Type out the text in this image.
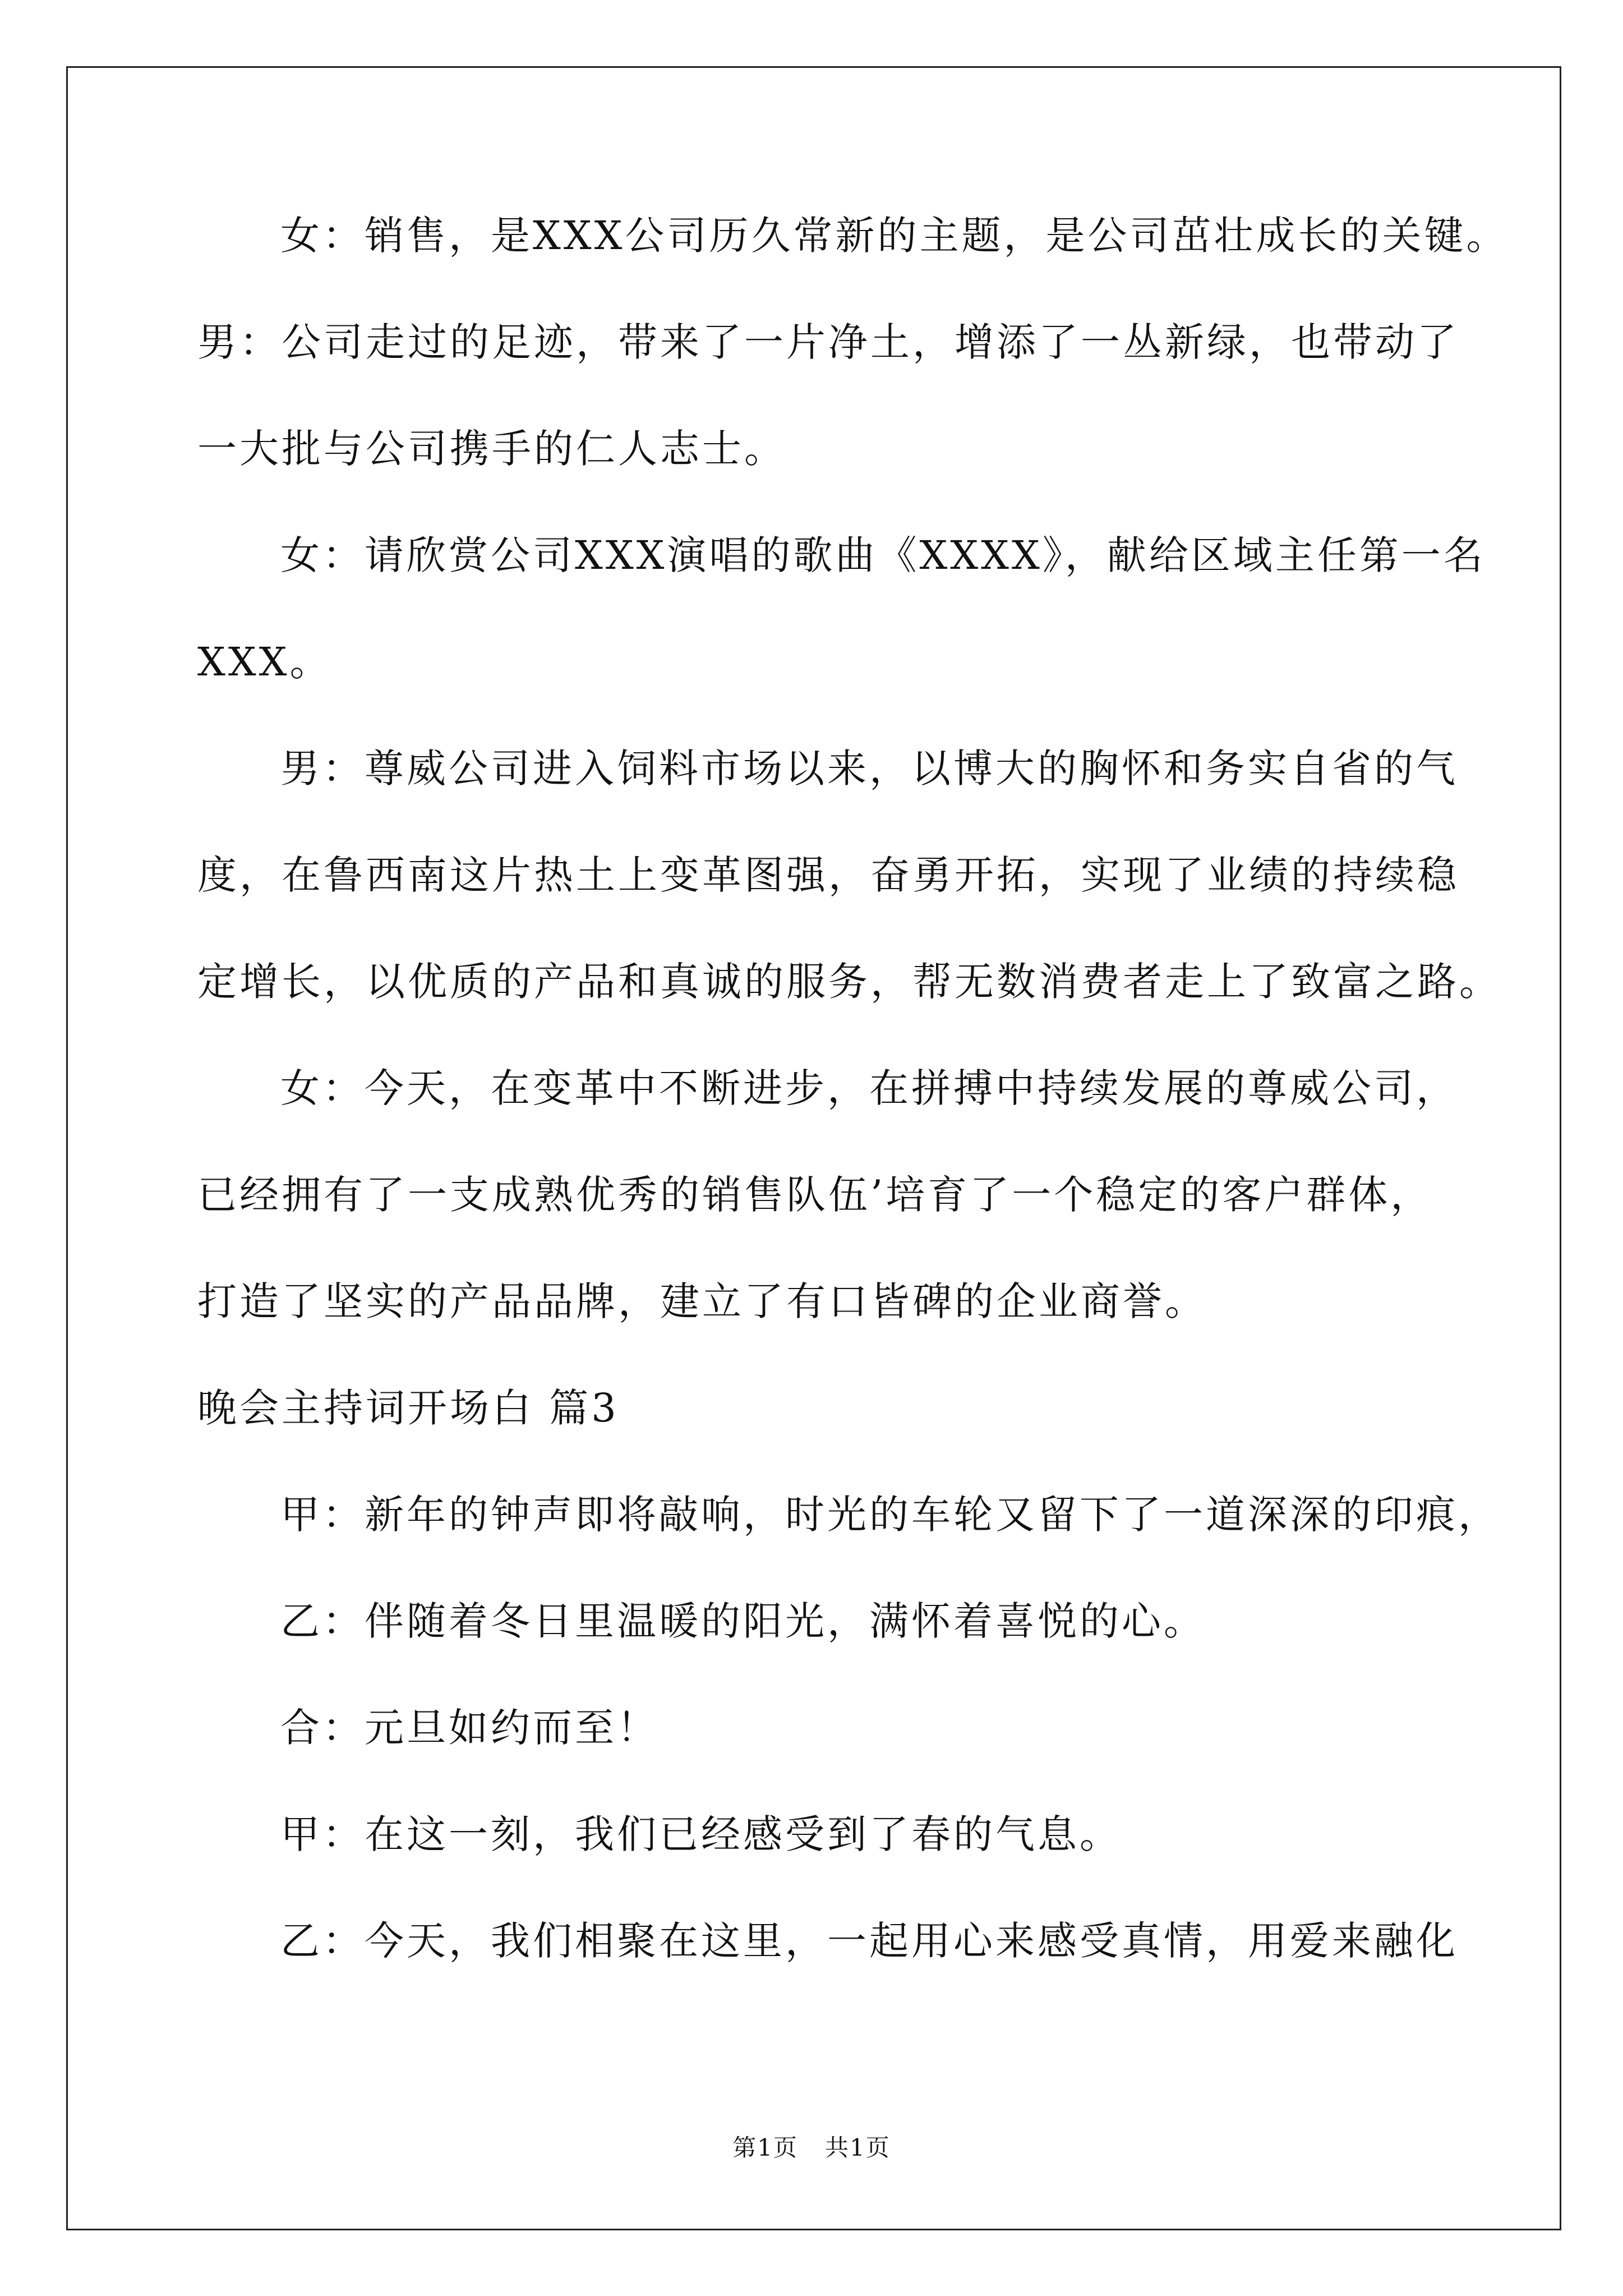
女：销售，是XXX公司历久常新的主题，是公司茁壮成长的关键。
男：公司走过的足迹，带来了一片净土，增添了一丛新绿，也带动了
一大批与公司携手的仁人志士。
女：请欣赏公司XXX演唱的歌曲《XXXX》，献给区域主任第一名
XXX。
男：尊威公司进入饲料市场以来，以博大的胸怀和务实自省的气
度，在鲁西南这片热土上变革图强，奋勇开拓，实现了业绩的持续稳
定增长，以优质的产品和真诚的服务，帮无数消费者走上了致富之路。
女：今天，在变革中不断进步，在拼搏中持续发展的尊威公司，
已经拥有了一支成熟优秀的销售队伍’培育了一个稳定的客户群体，
打造了坚实的产品品牌，建立了有口皆碑的企业商誉。
晚会主持词开场白 篇3
甲：新年的钟声即将敲响，时光的车轮又留下了一道深深的印痕，
乙：伴随着冬日里温暖的阳光，满怀着喜悦的心。
合：元旦如约而至！
甲：在这一刻，我们已经感受到了春的气息。
乙：今天，我们相聚在这里，一起用心来感受真情，用爱来融化
第1页 共1页
